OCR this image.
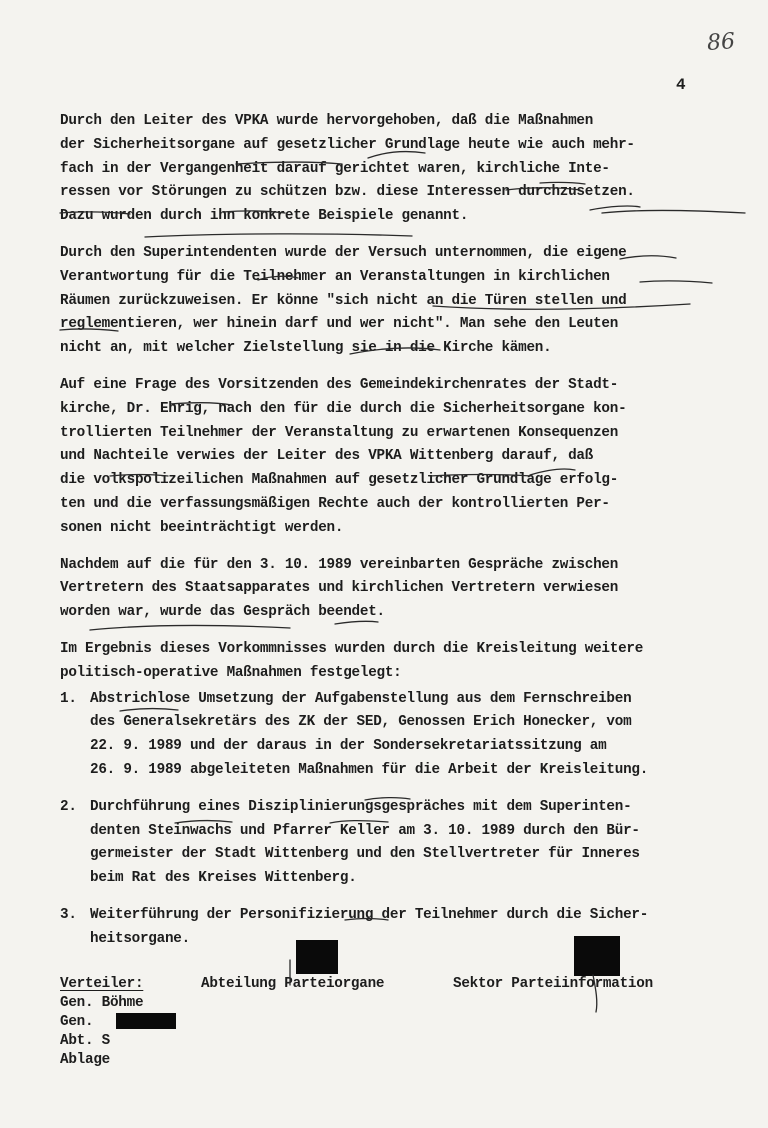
86
4
Durch den Leiter des VPKA wurde hervorgehoben, daß die Maßnahmen
der Sicherheitsorgane auf gesetzlicher Grundlage heute wie auch mehr-
fach in der Vergangenheit darauf gerichtet waren, kirchliche Inte-
ressen vor Störungen zu schützen bzw. diese Interessen durchzusetzen.
Dazu wurden durch ihn konkrete Beispiele genannt.
Durch den Superintendenten wurde der Versuch unternommen, die eigene
Verantwortung für die Teilnehmer an Veranstaltungen in kirchlichen
Räumen zurückzuweisen. Er könne "sich nicht an die Türen stellen und
reglementieren, wer hinein darf und wer nicht". Man sehe den Leuten
nicht an, mit welcher Zielstellung sie in die Kirche kämen.
Auf eine Frage des Vorsitzenden des Gemeindekirchenrates der Stadt-
kirche, Dr. Ehrig, nach den für die durch die Sicherheitsorgane kon-
trollierten Teilnehmer der Veranstaltung zu erwartenen Konsequenzen
und Nachteile verwies der Leiter des VPKA Wittenberg darauf, daß
die volkspolizeilichen Maßnahmen auf gesetzlicher Grundlage erfolg-
ten und die verfassungsmäßigen Rechte auch der kontrollierten Per-
sonen nicht beeinträchtigt werden.
Nachdem auf die für den 3. 10. 1989 vereinbarten Gespräche zwischen
Vertretern des Staatsapparates und kirchlichen Vertretern verwiesen
worden war, wurde das Gespräch beendet.
Im Ergebnis dieses Vorkommnisses wurden durch die Kreisleitung weitere
politisch-operative Maßnahmen festgelegt:
1. Abstrichlose Umsetzung der Aufgabenstellung aus dem Fernschreiben
des Generalsekretärs des ZK der SED, Genossen Erich Honecker, vom
22. 9. 1989 und der daraus in der Sondersekretariatssitzung am
26. 9. 1989 abgeleiteten Maßnahmen für die Arbeit der Kreisleitung.
2. Durchführung eines Disziplinierungsgespräches mit dem Superinten-
denten Steinwachs und Pfarrer Keller am 3. 10. 1989 durch den Bür-
germeister der Stadt Wittenberg und den Stellvertreter für Inneres
beim Rat des Kreises Wittenberg.
3. Weiterführung der Personifizierung der Teilnehmer durch die Sicher-
heitsorgane.

Verteiler:

	Abteilung Parteiorgane

	Sektor Parteiinformation

Gen. Böhme
Gen.
Abt. S
Ablage
